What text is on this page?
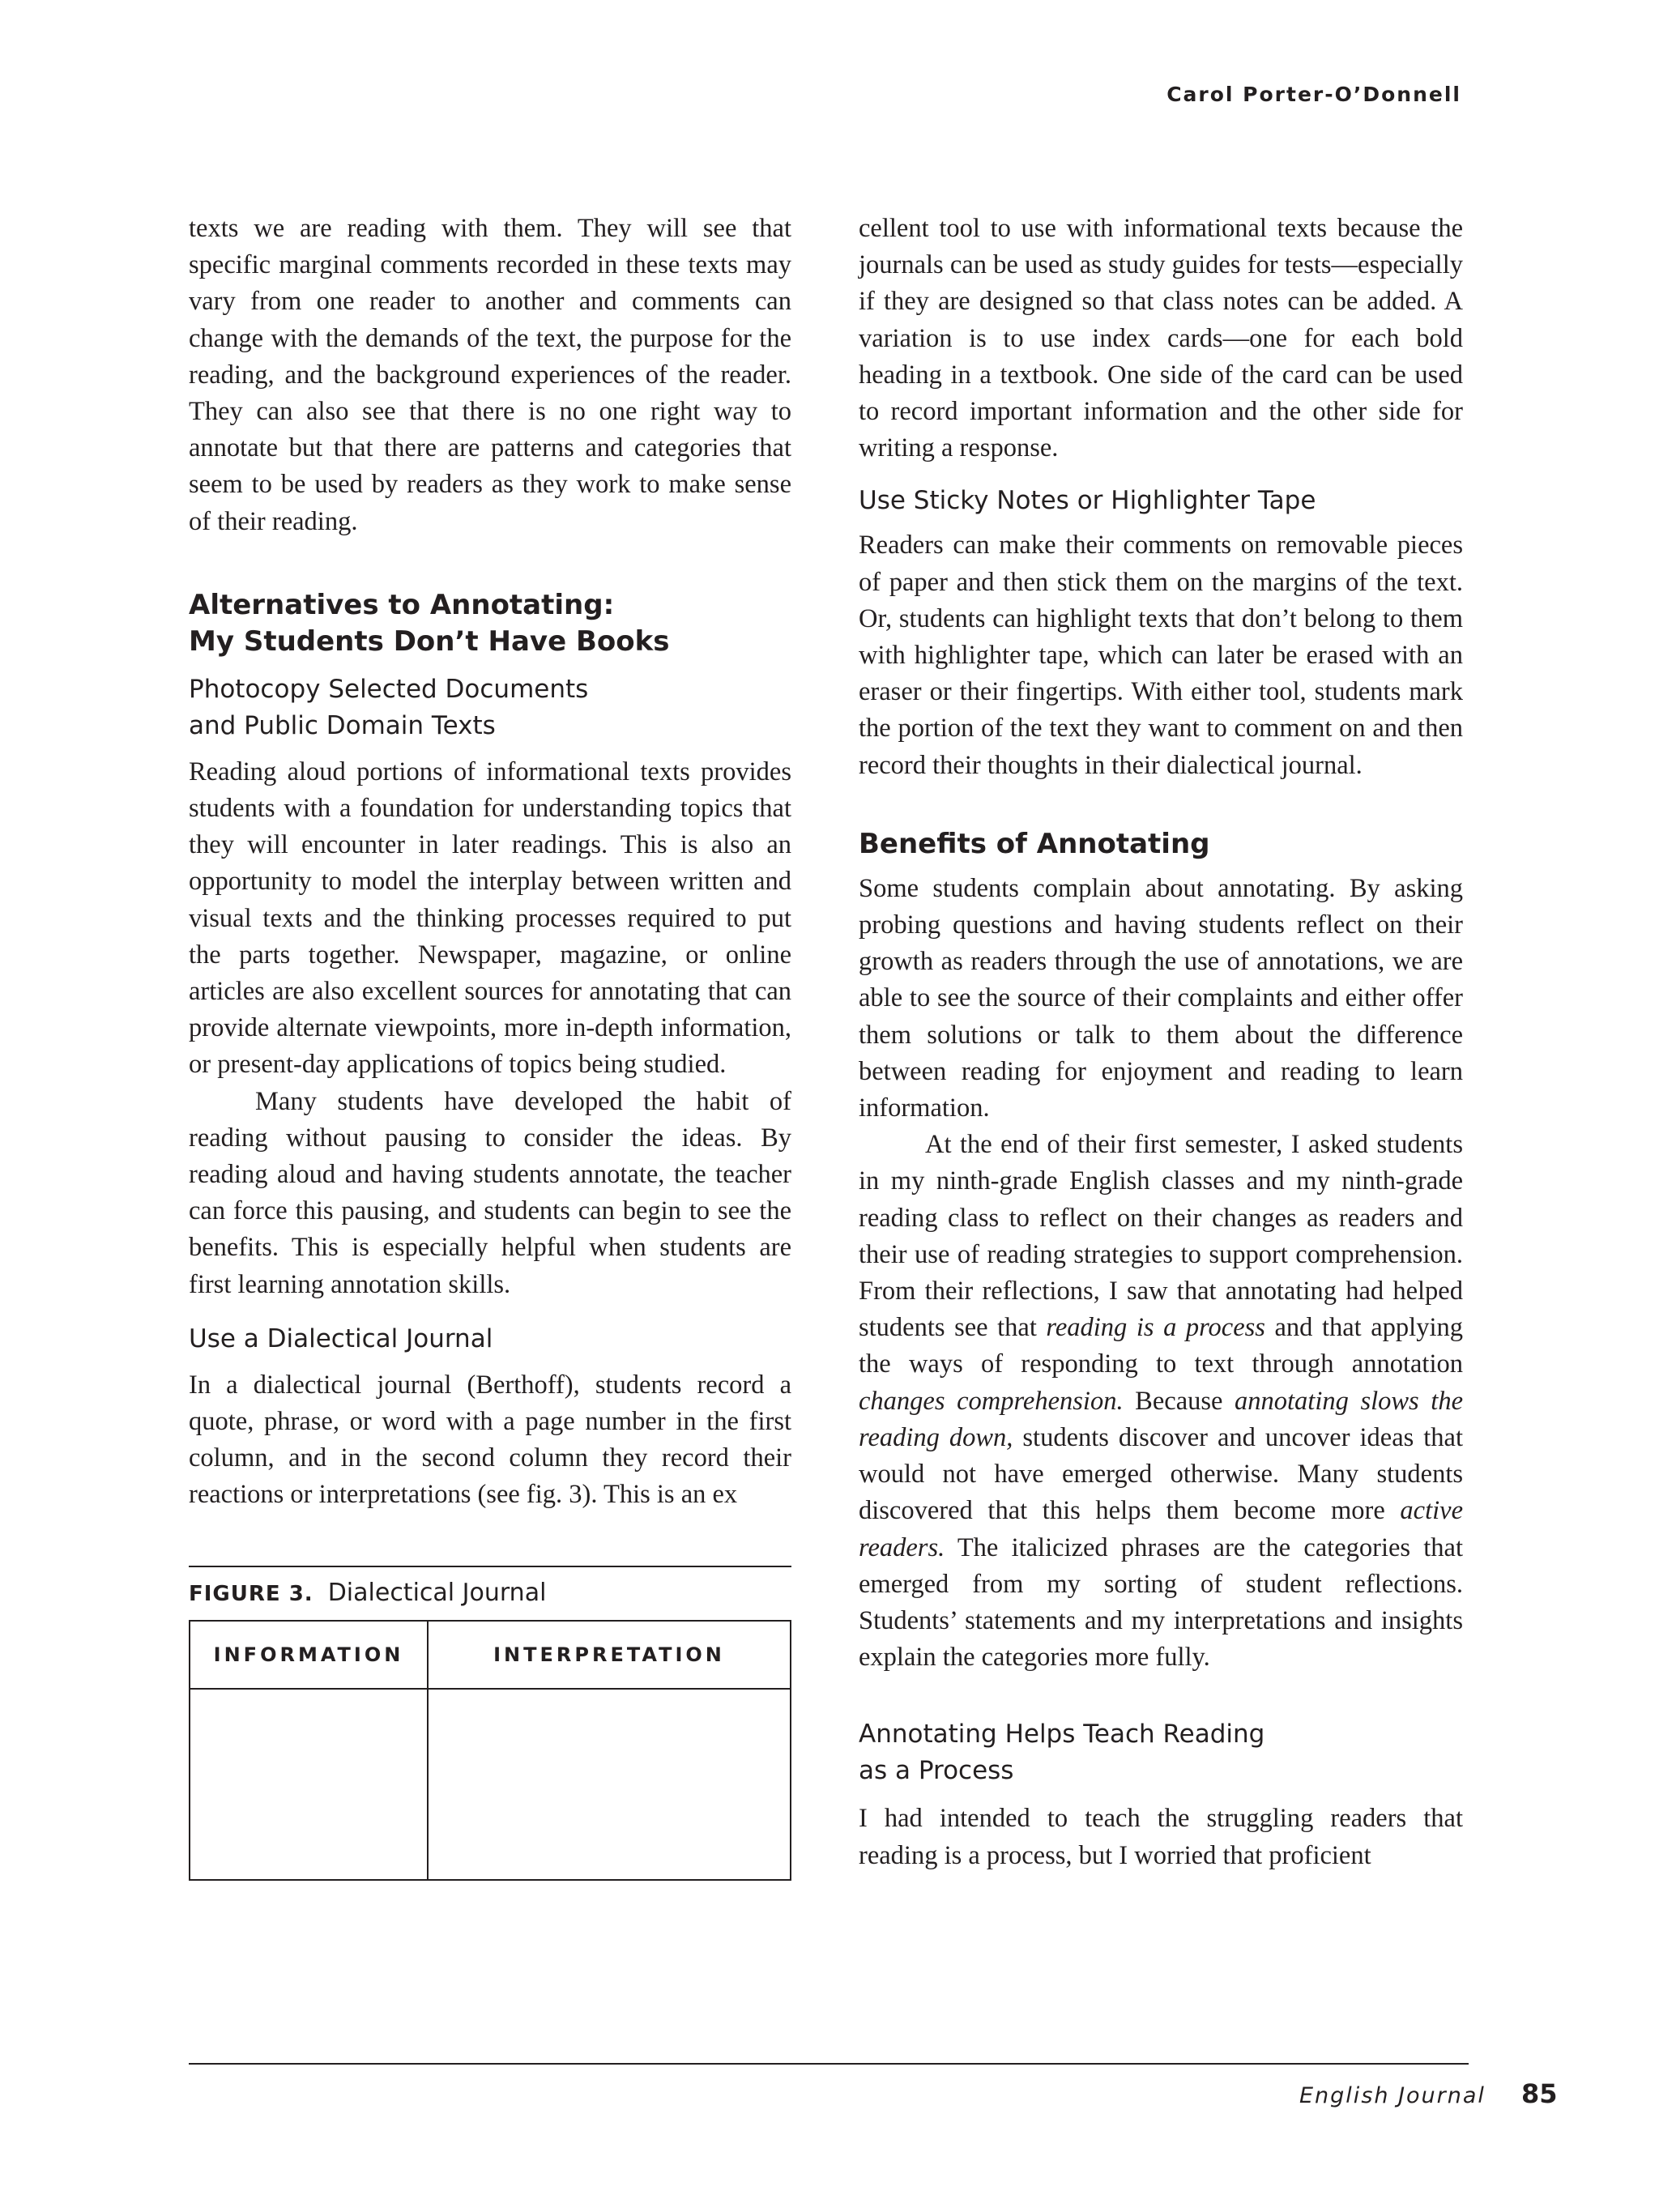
Carol Porter-O’Donnell

texts we are reading with them. They will see that specific marginal comments recorded in these texts may vary from one reader to another and comments can change with the demands of the text, the purpose for the reading, and the background experiences of the reader. They can also see that there is no one right way to annotate but that there are patterns and categories that seem to be used by readers as they work to make sense of their reading.

Alternatives to Annotating:
My Students Don’t Have Books
Photocopy Selected Documents
and Public Domain Texts

Reading aloud portions of informational texts provides students with a foundation for understanding topics that they will encounter in later readings. This is also an opportunity to model the interplay between written and visual texts and the thinking processes required to put the parts together. Newspaper, magazine, or online articles are also excellent sources for annotating that can provide alternate viewpoints, more in-depth information, or present-day applications of topics being studied.

Many students have developed the habit of reading without pausing to consider the ideas. By reading aloud and having students annotate, the teacher can force this pausing, and students can begin to see the benefits. This is especially helpful when students are first learning annotation skills.

Use a Dialectical Journal

In a dialectical journal (Berthoff), students record a quote, phrase, or word with a page number in the first column, and in the second column they record their reactions or interpretations (see fig. 3). This is an ex

FIGURE 3. Dialectical Journal

INFORMATION	INTERPRETATION

cellent tool to use with informational texts because the journals can be used as study guides for tests—especially if they are designed so that class notes can be added. A variation is to use index cards—one for each bold heading in a textbook. One side of the card can be used to record important information and the other side for writing a response.

Use Sticky Notes or Highlighter Tape

Readers can make their comments on removable pieces of paper and then stick them on the margins of the text. Or, students can highlight texts that don’t belong to them with highlighter tape, which can later be erased with an eraser or their fingertips. With either tool, students mark the portion of the text they want to comment on and then record their thoughts in their dialectical journal.

Benefits of Annotating

Some students complain about annotating. By asking probing questions and having students reflect on their growth as readers through the use of annotations, we are able to see the source of their complaints and either offer them solutions or talk to them about the difference between reading for enjoyment and reading to learn information.

At the end of their first semester, I asked students in my ninth-grade English classes and my ninth-grade reading class to reflect on their changes as readers and their use of reading strategies to support comprehension. From their reflections, I saw that annotating had helped students see that reading is a process and that applying the ways of responding to text through annotation changes comprehension. Because annotating slows the reading down, students discover and uncover ideas that would not have emerged otherwise. Many students discovered that this helps them become more active readers. The italicized phrases are the categories that emerged from my sorting of student reflections. Students’ statements and my interpretations and insights explain the categories more fully.

Annotating Helps Teach Reading
as a Process

I had intended to teach the struggling readers that reading is a process, but I worried that proficient

English Journal 85
